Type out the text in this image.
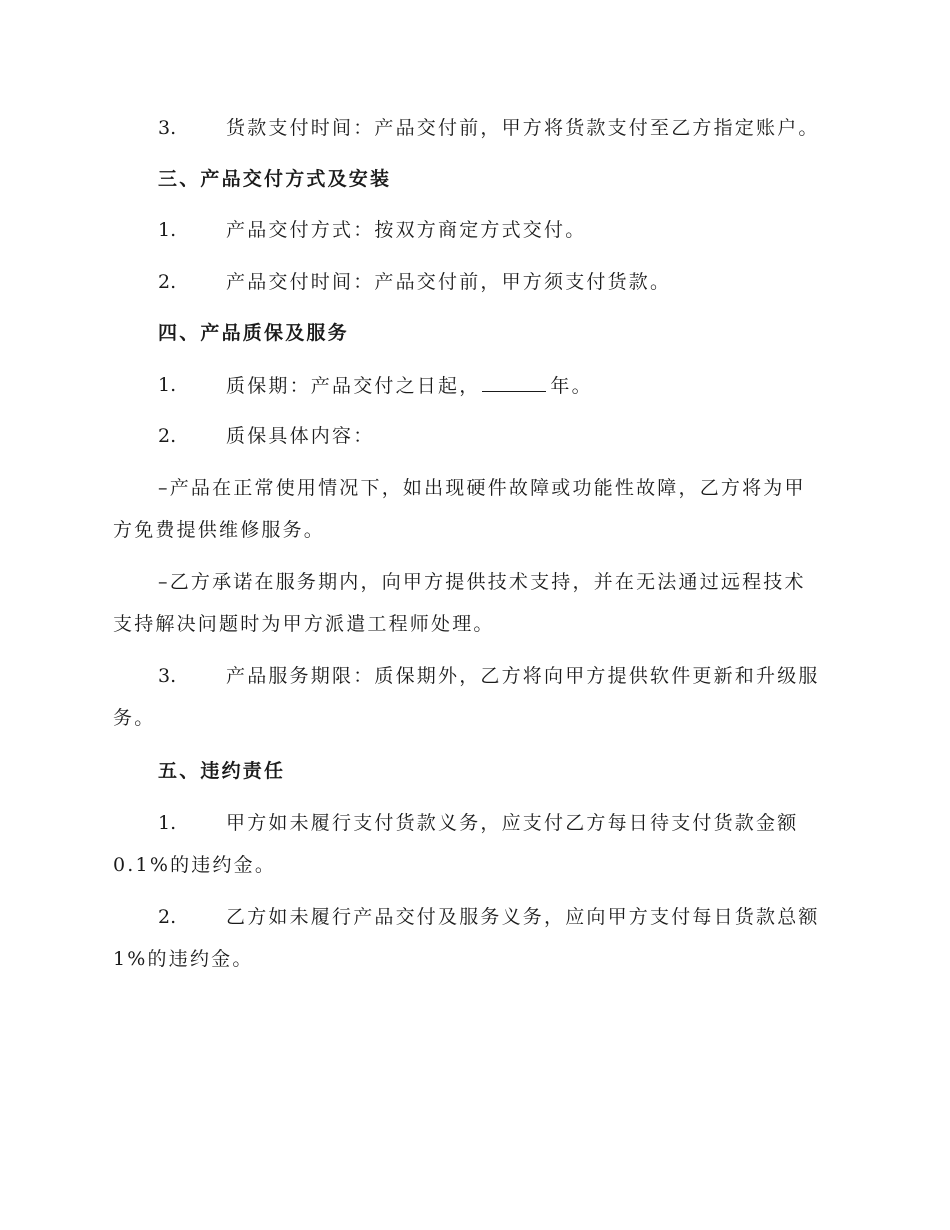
3.	货款支付时间：产品交付前，甲方将货款支付至乙方指定账户。
三、产品交付方式及安装
1.	产品交付方式：按双方商定方式交付。
2.	产品交付时间：产品交付前，甲方须支付货款。
四、产品质保及服务
1.	质保期：产品交付之日起，	年。
2.	质保具体内容：
–产品在正常使用情况下，如出现硬件故障或功能性故障，乙方将为甲
方免费提供维修服务。
–乙方承诺在服务期内，向甲方提供技术支持，并在无法通过远程技术
支持解决问题时为甲方派遣工程师处理。
3.	产品服务期限：质保期外，乙方将向甲方提供软件更新和升级服
务。
五、违约责任
1.	甲方如未履行支付货款义务，应支付乙方每日待支付货款金额
0.1%的违约金。
2.	乙方如未履行产品交付及服务义务，应向甲方支付每日货款总额
1%的违约金。
